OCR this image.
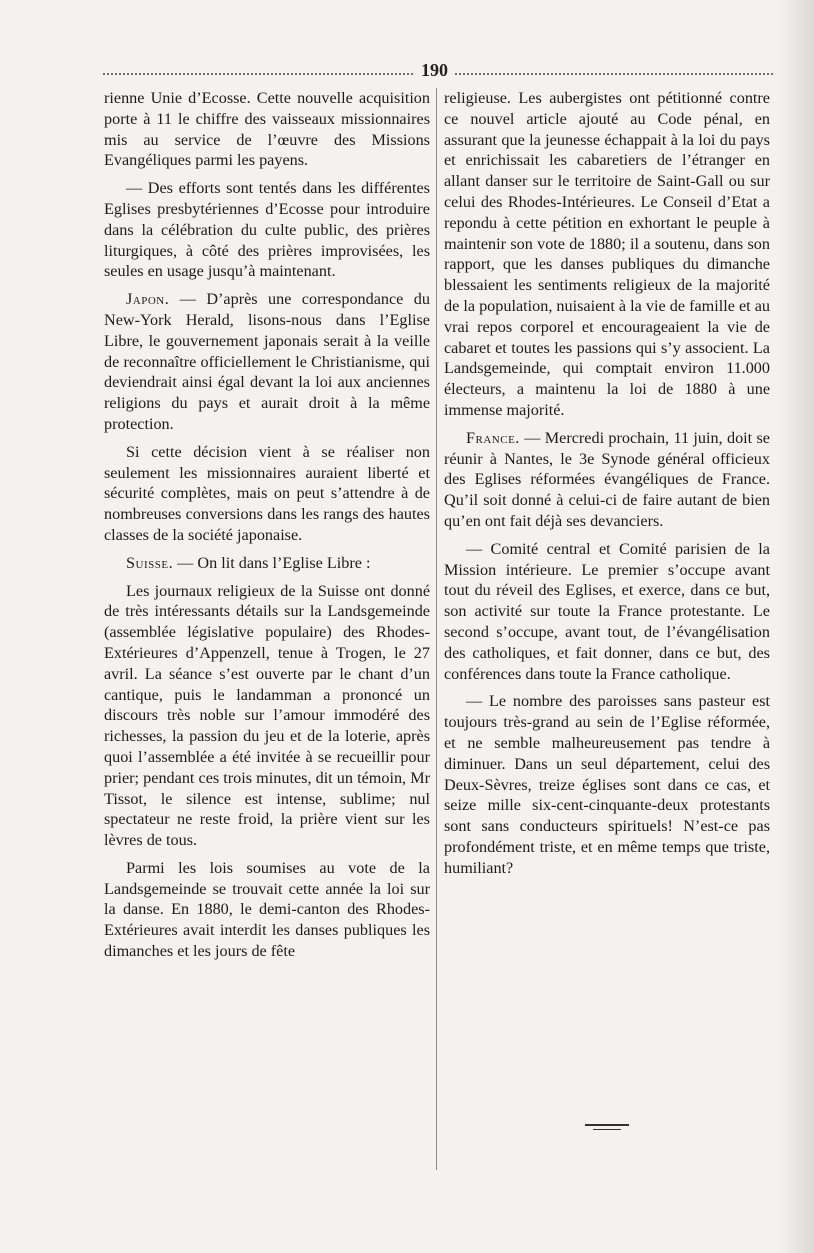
190

rienne Unie d’Ecosse. Cette nouvelle acquisition porte à 11 le chiffre des vaisseaux missionnaires mis au service de l’œuvre des Missions Evangéliques parmi les payens.

— Des efforts sont tentés dans les différentes Eglises presbytériennes d’Ecosse pour introduire dans la célébration du culte public, des prières liturgiques, à côté des prières improvisées, les seules en usage jusqu’à maintenant.

Japon. — D’après une correspondance du New-York Herald, lisons-nous dans l’Eglise Libre, le gouvernement japonais serait à la veille de reconnaître officiellement le Christianisme, qui deviendrait ainsi égal devant la loi aux anciennes religions du pays et aurait droit à la même protection.

Si cette décision vient à se réaliser non seulement les missionnaires auraient liberté et sécurité complètes, mais on peut s’attendre à de nombreuses conversions dans les rangs des hautes classes de la société japonaise.

Suisse. — On lit dans l’Eglise Libre :

Les journaux religieux de la Suisse ont donné de très intéressants détails sur la Landsgemeinde (assemblée législative populaire) des Rhodes-Extérieures d’Appenzell, tenue à Trogen, le 27 avril. La séance s’est ouverte par le chant d’un cantique, puis le landamman a prononcé un discours très noble sur l’amour immodéré des richesses, la passion du jeu et de la loterie, après quoi l’assemblée a été invitée à se recueillir pour prier; pendant ces trois minutes, dit un témoin, Mr Tissot, le silence est intense, sublime; nul spectateur ne reste froid, la prière vient sur les lèvres de tous.

Parmi les lois soumises au vote de la Landsgemeinde se trouvait cette année la loi sur la danse. En 1880, le demi-canton des Rhodes-Extérieures avait interdit les danses publiques les dimanches et les jours de fête

religieuse. Les aubergistes ont pétitionné contre ce nouvel article ajouté au Code pénal, en assurant que la jeunesse échappait à la loi du pays et enrichissait les cabaretiers de l’étranger en allant danser sur le territoire de Saint-Gall ou sur celui des Rhodes-Intérieures. Le Conseil d’Etat a repondu à cette pétition en exhortant le peuple à maintenir son vote de 1880; il a soutenu, dans son rapport, que les danses publiques du dimanche blessaient les sentiments religieux de la majorité de la population, nuisaient à la vie de famille et au vrai repos corporel et encourageaient la vie de cabaret et toutes les passions qui s’y associent. La Landsgemeinde, qui comptait environ 11.000 électeurs, a maintenu la loi de 1880 à une immense majorité.

France. — Mercredi prochain, 11 juin, doit se réunir à Nantes, le 3e Synode général officieux des Eglises réformées évangéliques de France. Qu’il soit donné à celui-ci de faire autant de bien qu’en ont fait déjà ses devanciers.

— Comité central et Comité parisien de la Mission intérieure. Le premier s’occupe avant tout du réveil des Eglises, et exerce, dans ce but, son activité sur toute la France protestante. Le second s’occupe, avant tout, de l’évangélisation des catholiques, et fait donner, dans ce but, des conférences dans toute la France catholique.

— Le nombre des paroisses sans pasteur est toujours très-grand au sein de l’Eglise réformée, et ne semble malheureusement pas tendre à diminuer. Dans un seul département, celui des Deux-Sèvres, treize églises sont dans ce cas, et seize mille six-cent-cinquante-deux protestants sont sans conducteurs spirituels! N’est-ce pas profondément triste, et en même temps que triste, humiliant?
